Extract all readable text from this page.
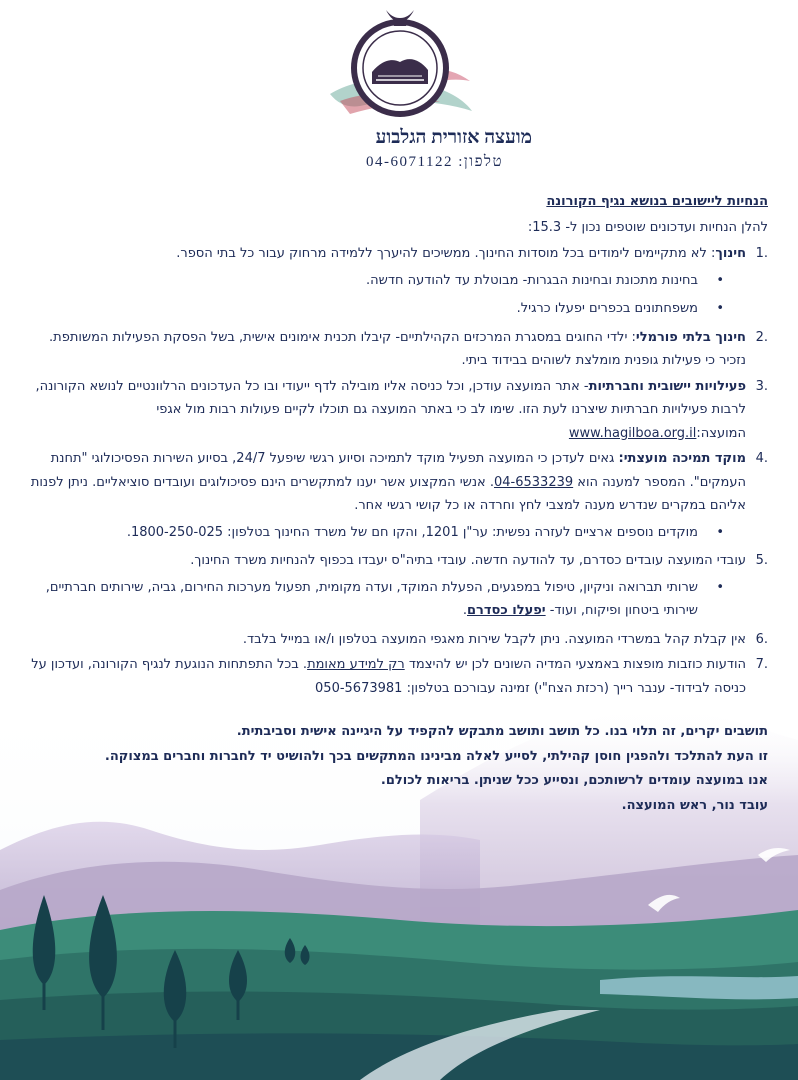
מועצה אזורית הגלבוע
טלפון: 04-6071122
הנחיות ליישובים בנושא נגיף הקורונה
להלן הנחיות ועדכונים שוטפים נכון ל- 15.3:
1 .
חינוך: לא מתקיימים לימודים בכל מוסדות החינוך. ממשיכים להיערך ללמידה מרחוק עבור כל בתי הספר.
• בחינות מתכונת ובחינות הבגרות- מבוטלת עד להודעה חדשה.
• משפחתונים בכפרים יפעלו כרגיל.
2 .
חינוך בלתי פורמלי: ילדי החוגים במסגרת המרכזים הקהילתיים- קיבלו תכנית אימונים אישית, בשל הפסקת הפעילות המשותפת. נזכיר כי פעילות גופנית מומלצת לשוהים בבידוד ביתי.
3 .
פעילויות יישובית וחברתיות- אתר המועצה עודכן, וכל כניסה אליו מובילה לדף ייעודי ובו כל העדכונים הרלוונטיים לנושא הקורונה, לרבות פעילויות חברתיות שיצרנו לעת הזו. שימו לב כי באתר המועצה גם תוכלו לקיים פעולות רבות מול אגפי המועצה:www.hagilboa.org.il
4 .
מוקד תמיכה מועצתי: גאים לעדכן כי המועצה תפעיל מוקד לתמיכה וסיוע רגשי שיפעל 24/7, בסיוע השירות הפסיכולוגי "תחנת העמקים". המספר למענה הוא 04-6533239. אנשי המקצוע אשר יענו למתקשרים הינם פסיכולוגים ועובדים סוציאליים. ניתן לפנות אליהם במקרים שנדרש מענה למצבי לחץ וחרדה או כל קושי רגשי אחר.
• מוקדים נוספים ארציים לעזרה נפשית: ער"ן 1201, והקו חם של משרד החינוך בטלפון: 1800-250-025.
5 .
עובדי המועצה עובדים כסדרם, עד להודעה חדשה. עובדי בתיה"ס יעבדו בכפוף להנחיות משרד החינוך.
• שרותי תברואה וניקיון, טיפול במפגעים, הפעלת המוקד, ועדה מקומית, תפעול מערכות החירום, גביה, שירותים חברתיים, שירותי ביטחון ופיקוח, ועוד- יפעלו כסדרם.
6 .
אין קבלת קהל במשרדי המועצה. ניתן לקבל שירות מאגפי המועצה בטלפון ו/או במייל בלבד.
7 .
הודעות כוזבות מופצות באמצעי המדיה השונים לכן יש להיצמד רק למידע מאומת. בכל התפתחות הנוגעת לנגיף הקורונה, ועדכון על כניסה לבידוד- ענבר רייך (רכזת הצח"י) זמינה עבורכם בטלפון: 050-5673981

תושבים יקרים, זה תלוי בנו. כל תושב ותושב מתבקש להקפיד על היגיינה אישית וסביבתית.

זו העת להתלכד ולהפגין חוסן קהילתי, לסייע לאלה מבינינו המתקשים בכך ולהושיט יד לחברות וחברים במצוקה.

אנו במועצה עומדים לרשותכם, ונסייע ככל שניתן. בריאות לכולם.

עובד נור, ראש המועצה.
